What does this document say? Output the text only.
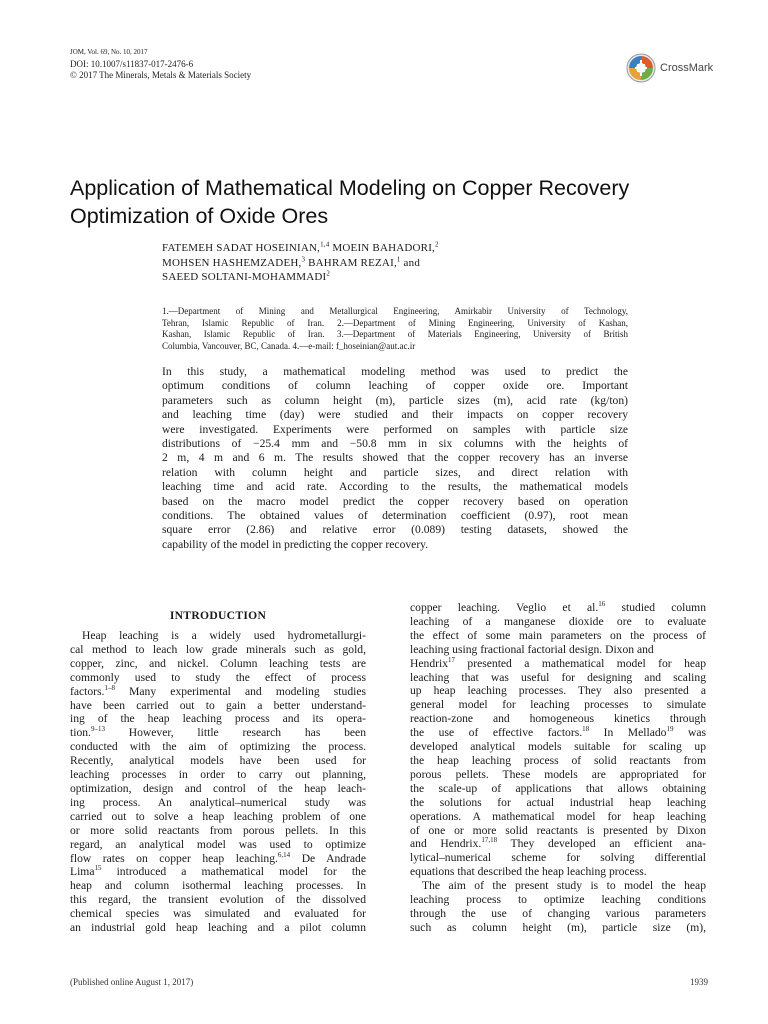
JOM, Vol. 69, No. 10, 2017
DOI: 10.1007/s11837-017-2476-6
© 2017 The Minerals, Metals & Materials Society
CrossMark
Application of Mathematical Modeling on Copper Recovery
Optimization of Oxide Ores
FATEMEH SADAT HOSEINIAN,$^{1,4}$ MOEIN BAHADORI,$^2$
MOHSEN HASHEMZADEH,$^3$ BAHRAM REZAI,$^1$ and
SAEED SOLTANI-MOHAMMADI$^2$
1.—Department of Mining and Metallurgical Engineering, Amirkabir University of Technology,
Tehran, Islamic Republic of Iran. 2.—Department of Mining Engineering, University of Kashan,
Kashan, Islamic Republic of Iran. 3.—Department of Materials Engineering, University of British
Columbia, Vancouver, BC, Canada. 4.—e-mail: f_hoseinian@aut.ac.ir
In this study, a mathematical modeling method was used to predict the
optimum conditions of column leaching of copper oxide ore. Important
parameters such as column height (m), particle sizes (m), acid rate (kg/ton)
and leaching time (day) were studied and their impacts on copper recovery
were investigated. Experiments were performed on samples with particle size
distributions of −25.4 mm and −50.8 mm in six columns with the heights of
2 m, 4 m and 6 m. The results showed that the copper recovery has an inverse
relation with column height and particle sizes, and direct relation with
leaching time and acid rate. According to the results, the mathematical models
based on the macro model predict the copper recovery based on operation
conditions. The obtained values of determination coefficient (0.97), root mean
square error (2.86) and relative error (0.089) testing datasets, showed the
capability of the model in predicting the copper recovery.
INTRODUCTION
Heap leaching is a widely used hydrometallurgi-
cal method to leach low grade minerals such as gold,
copper, zinc, and nickel. Column leaching tests are
commonly used to study the effect of process
factors.$^{1-8}$ Many experimental and modeling studies
have been carried out to gain a better understand-
ing of the heap leaching process and its opera-
tion.$^{9-13}$ However, little research has been
conducted with the aim of optimizing the process.
Recently, analytical models have been used for
leaching processes in order to carry out planning,
optimization, design and control of the heap leach-
ing process. An analytical–numerical study was
carried out to solve a heap leaching problem of one
or more solid reactants from porous pellets. In this
regard, an analytical model was used to optimize
flow rates on copper heap leaching.$^{6,14}$ De Andrade
Lima$^{15}$ introduced a mathematical model for the
heap and column isothermal leaching processes. In
this regard, the transient evolution of the dissolved
chemical species was simulated and evaluated for
an industrial gold heap leaching and a pilot column
copper leaching. Veglio et al.$^{16}$ studied column
leaching of a manganese dioxide ore to evaluate
the effect of some main parameters on the process of
leaching using fractional factorial design. Dixon and
Hendrix$^{17}$ presented a mathematical model for heap
leaching that was useful for designing and scaling
up heap leaching processes. They also presented a
general model for leaching processes to simulate
reaction-zone and homogeneous kinetics through
the use of effective factors.$^{18}$ In Mellado$^{19}$ was
developed analytical models suitable for scaling up
the heap leaching process of solid reactants from
porous pellets. These models are appropriated for
the scale-up of applications that allows obtaining
the solutions for actual industrial heap leaching
operations. A mathematical model for heap leaching
of one or more solid reactants is presented by Dixon
and Hendrix.$^{17,18}$ They developed an efficient ana-
lytical–numerical scheme for solving differential
equations that described the heap leaching process.
The aim of the present study is to model the heap
leaching process to optimize leaching conditions
through the use of changing various parameters
such as column height (m), particle size (m),
(Published online August 1, 2017)	1939
